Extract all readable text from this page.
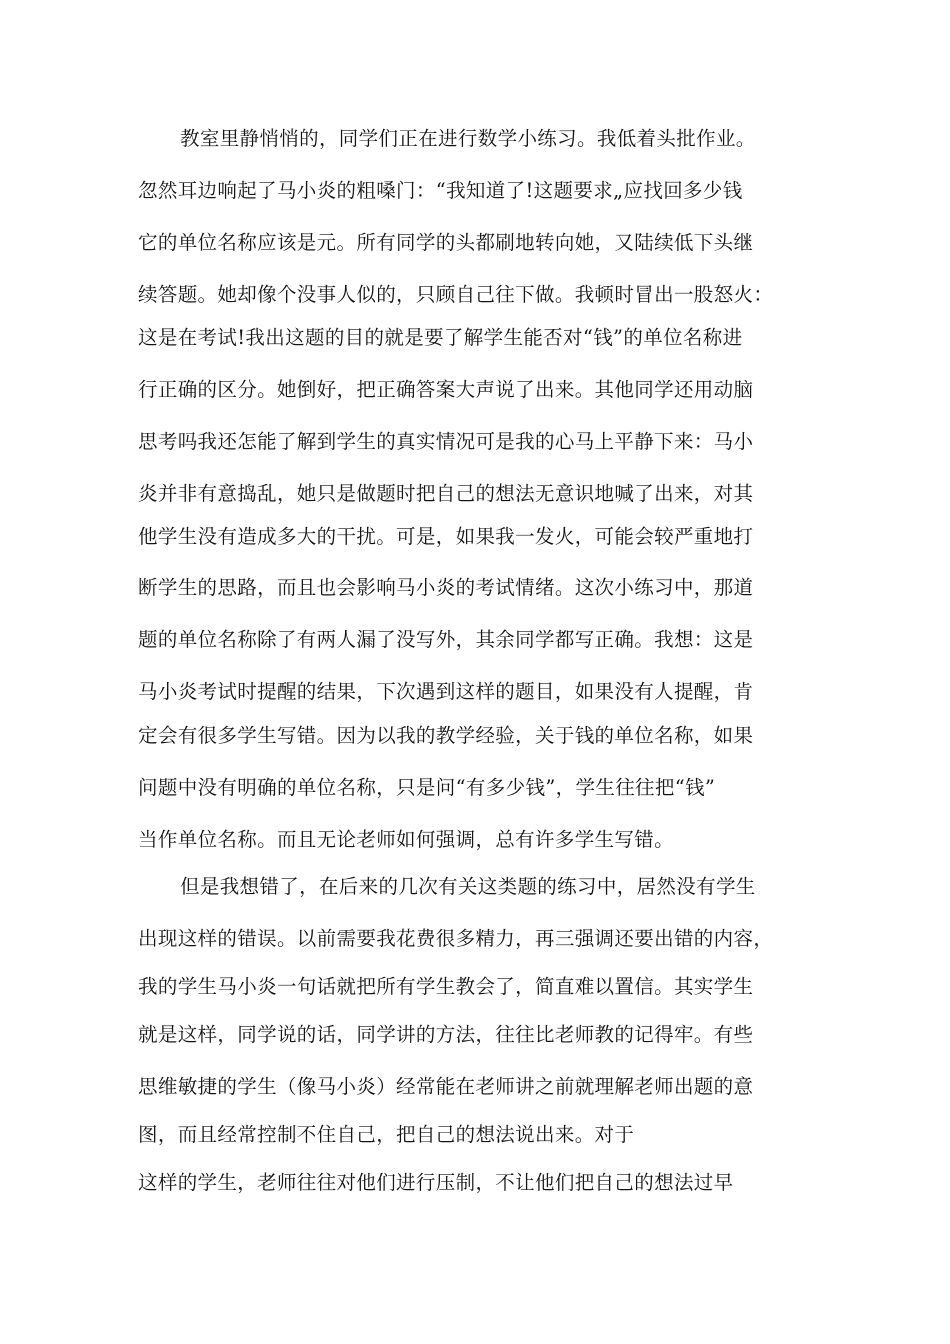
教室里静悄悄的，同学们正在进行数学小练习。我低着头批作业。
忽然耳边响起了马小炎的粗嗓门：“我知道了!这题要求„应找回多少钱
它的单位名称应该是元。所有同学的头都刷地转向她，又陆续低下头继
续答题。她却像个没事人似的，只顾自己往下做。我顿时冒出一股怒火：
这是在考试!我出这题的目的就是要了解学生能否对“钱”的单位名称进
行正确的区分。她倒好，把正确答案大声说了出来。其他同学还用动脑
思考吗我还怎能了解到学生的真实情况可是我的心马上平静下来：马小
炎并非有意捣乱，她只是做题时把自己的想法无意识地喊了出来，对其
他学生没有造成多大的干扰。可是，如果我一发火，可能会较严重地打
断学生的思路，而且也会影响马小炎的考试情绪。这次小练习中，那道
题的单位名称除了有两人漏了没写外，其余同学都写正确。我想：这是
马小炎考试时提醒的结果，下次遇到这样的题目，如果没有人提醒，肯
定会有很多学生写错。因为以我的教学经验，关于钱的单位名称，如果
问题中没有明确的单位名称，只是问“有多少钱”，学生往往把“钱”
当作单位名称。而且无论老师如何强调，总有许多学生写错。
但是我想错了，在后来的几次有关这类题的练习中，居然没有学生
出现这样的错误。以前需要我花费很多精力，再三强调还要出错的内容，
我的学生马小炎一句话就把所有学生教会了，简直难以置信。其实学生
就是这样，同学说的话，同学讲的方法，往往比老师教的记得牢。有些
思维敏捷的学生（像马小炎）经常能在老师讲之前就理解老师出题的意
图，而且经常控制不住自己，把自己的想法说出来。对于
这样的学生，老师往往对他们进行压制，不让他们把自己的想法过早
